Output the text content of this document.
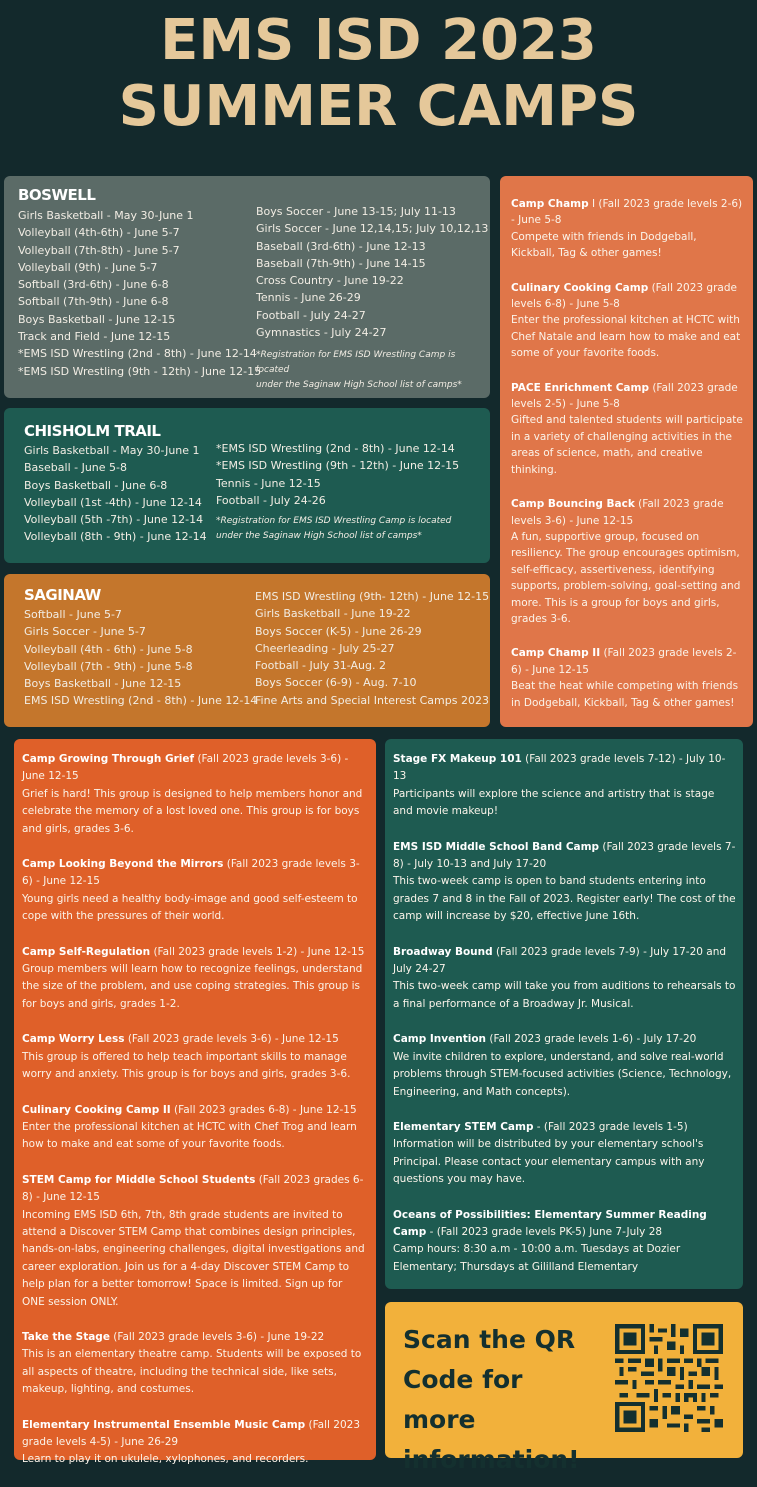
EMS ISD 2023
SUMMER CAMPS
BOSWELL
Girls Basketball - May 30-June 1
Volleyball (4th-6th) - June 5-7
Volleyball (7th-8th) - June 5-7
Volleyball (9th) - June 5-7
Softball (3rd-6th) - June 6-8
Softball (7th-9th) - June 6-8
Boys Basketball - June 12-15
Track and Field - June 12-15
*EMS ISD Wrestling (2nd - 8th) - June 12-14
*EMS ISD Wrestling (9th - 12th) - June 12-15
Boys Soccer - June 13-15; July 11-13
Girls Soccer - June 12,14,15; July 10,12,13
Baseball (3rd-6th) - June 12-13
Baseball (7th-9th) - June 14-15
Cross Country - June 19-22
Tennis - June 26-29
Football - July 24-27
Gymnastics - July 24-27
*Registration for EMS ISD Wrestling Camp is located
under the Saginaw High School list of camps*
CHISHOLM TRAIL
Girls Basketball - May 30-June 1
Baseball - June 5-8
Boys Basketball - June 6-8
Volleyball (1st -4th) - June 12-14
Volleyball (5th -7th) - June 12-14
Volleyball (8th - 9th) - June 12-14
*EMS ISD Wrestling (2nd - 8th) - June 12-14
*EMS ISD Wrestling (9th - 12th) - June 12-15
Tennis - June 12-15
Football - July 24-26
*Registration for EMS ISD Wrestling Camp is located
under the Saginaw High School list of camps*
SAGINAW
Softball - June 5-7
Girls Soccer - June 5-7
Volleyball (4th - 6th) - June 5-8
Volleyball (7th - 9th) - June 5-8
Boys Basketball - June 12-15
EMS ISD Wrestling (2nd - 8th) - June 12-14
EMS ISD Wrestling (9th- 12th) - June 12-15
Girls Basketball - June 19-22
Boys Soccer (K-5) - June 26-29
Cheerleading - July 25-27
Football - July 31-Aug. 2
Boys Soccer (6-9) - Aug. 7-10
Fine Arts and Special Interest Camps 2023
Camp Champ I (Fall 2023 grade levels 2-6) - June 5-8
Compete with friends in Dodgeball, Kickball, Tag & other games!
Culinary Cooking Camp (Fall 2023 grade levels 6-8) - June 5-8
Enter the professional kitchen at HCTC with Chef Natale and learn how to make and eat some of your favorite foods.
PACE Enrichment Camp (Fall 2023 grade levels 2-5) - June 5-8
Gifted and talented students will participate in a variety of challenging activities in the areas of science, math, and creative thinking.
Camp Bouncing Back (Fall 2023 grade levels 3-6) - June 12-15
A fun, supportive group, focused on resiliency. The group encourages optimism, self-efficacy, assertiveness, identifying supports, problem-solving, goal-setting and more. This is a group for boys and girls, grades 3-6.
Camp Champ II (Fall 2023 grade levels 2-6) - June 12-15
Beat the heat while competing with friends in Dodgeball, Kickball, Tag & other games!
Camp Growing Through Grief (Fall 2023 grade levels 3-6) - June 12-15
Grief is hard! This group is designed to help members honor and celebrate the memory of a lost loved one. This group is for boys and girls, grades 3-6.
Camp Looking Beyond the Mirrors (Fall 2023 grade levels 3-6) - June 12-15
Young girls need a healthy body-image and good self-esteem to cope with the pressures of their world.
Camp Self-Regulation (Fall 2023 grade levels 1-2) - June 12-15
Group members will learn how to recognize feelings, understand the size of the problem, and use coping strategies. This group is for boys and girls, grades 1-2.
Camp Worry Less (Fall 2023 grade levels 3-6) - June 12-15
This group is offered to help teach important skills to manage worry and anxiety. This group is for boys and girls, grades 3-6.
Culinary Cooking Camp II (Fall 2023 grades 6-8) - June 12-15
Enter the professional kitchen at HCTC with Chef Trog and learn how to make and eat some of your favorite foods.
STEM Camp for Middle School Students (Fall 2023 grades 6-8) - June 12-15
Incoming EMS ISD 6th, 7th, 8th grade students are invited to attend a Discover STEM Camp that combines design principles, hands-on-labs, engineering challenges, digital investigations and career exploration. Join us for a 4-day Discover STEM Camp to help plan for a better tomorrow! Space is limited. Sign up for ONE session ONLY.
Take the Stage (Fall 2023 grade levels 3-6) - June 19-22
This is an elementary theatre camp. Students will be exposed to all aspects of theatre, including the technical side, like sets, makeup, lighting, and costumes.
Elementary Instrumental Ensemble Music Camp (Fall 2023 grade levels 4-5) - June 26-29
Learn to play it on ukulele, xylophones, and recorders.
Stage FX Makeup 101 (Fall 2023 grade levels 7-12) - July 10-13
Participants will explore the science and artistry that is stage and movie makeup!
EMS ISD Middle School Band Camp (Fall 2023 grade levels 7-8) - July 10-13 and July 17-20
This two-week camp is open to band students entering into grades 7 and 8 in the Fall of 2023. Register early! The cost of the camp will increase by $20, effective June 16th.
Broadway Bound (Fall 2023 grade levels 7-9) - July 17-20 and July 24-27
This two-week camp will take you from auditions to rehearsals to a final performance of a Broadway Jr. Musical.
Camp Invention (Fall 2023 grade levels 1-6) - July 17-20
We invite children to explore, understand, and solve real-world problems through STEM-focused activities (Science, Technology, Engineering, and Math concepts).
Elementary STEM Camp - (Fall 2023 grade levels 1-5)
Information will be distributed by your elementary school's Principal. Please contact your elementary campus with any questions you may have.
Oceans of Possibilities: Elementary Summer Reading Camp - (Fall 2023 grade levels PK-5) June 7-July 28
Camp hours: 8:30 a.m - 10:00 a.m. Tuesdays at Dozier Elementary; Thursdays at Gililland Elementary
Scan the QR
Code for more
information!
